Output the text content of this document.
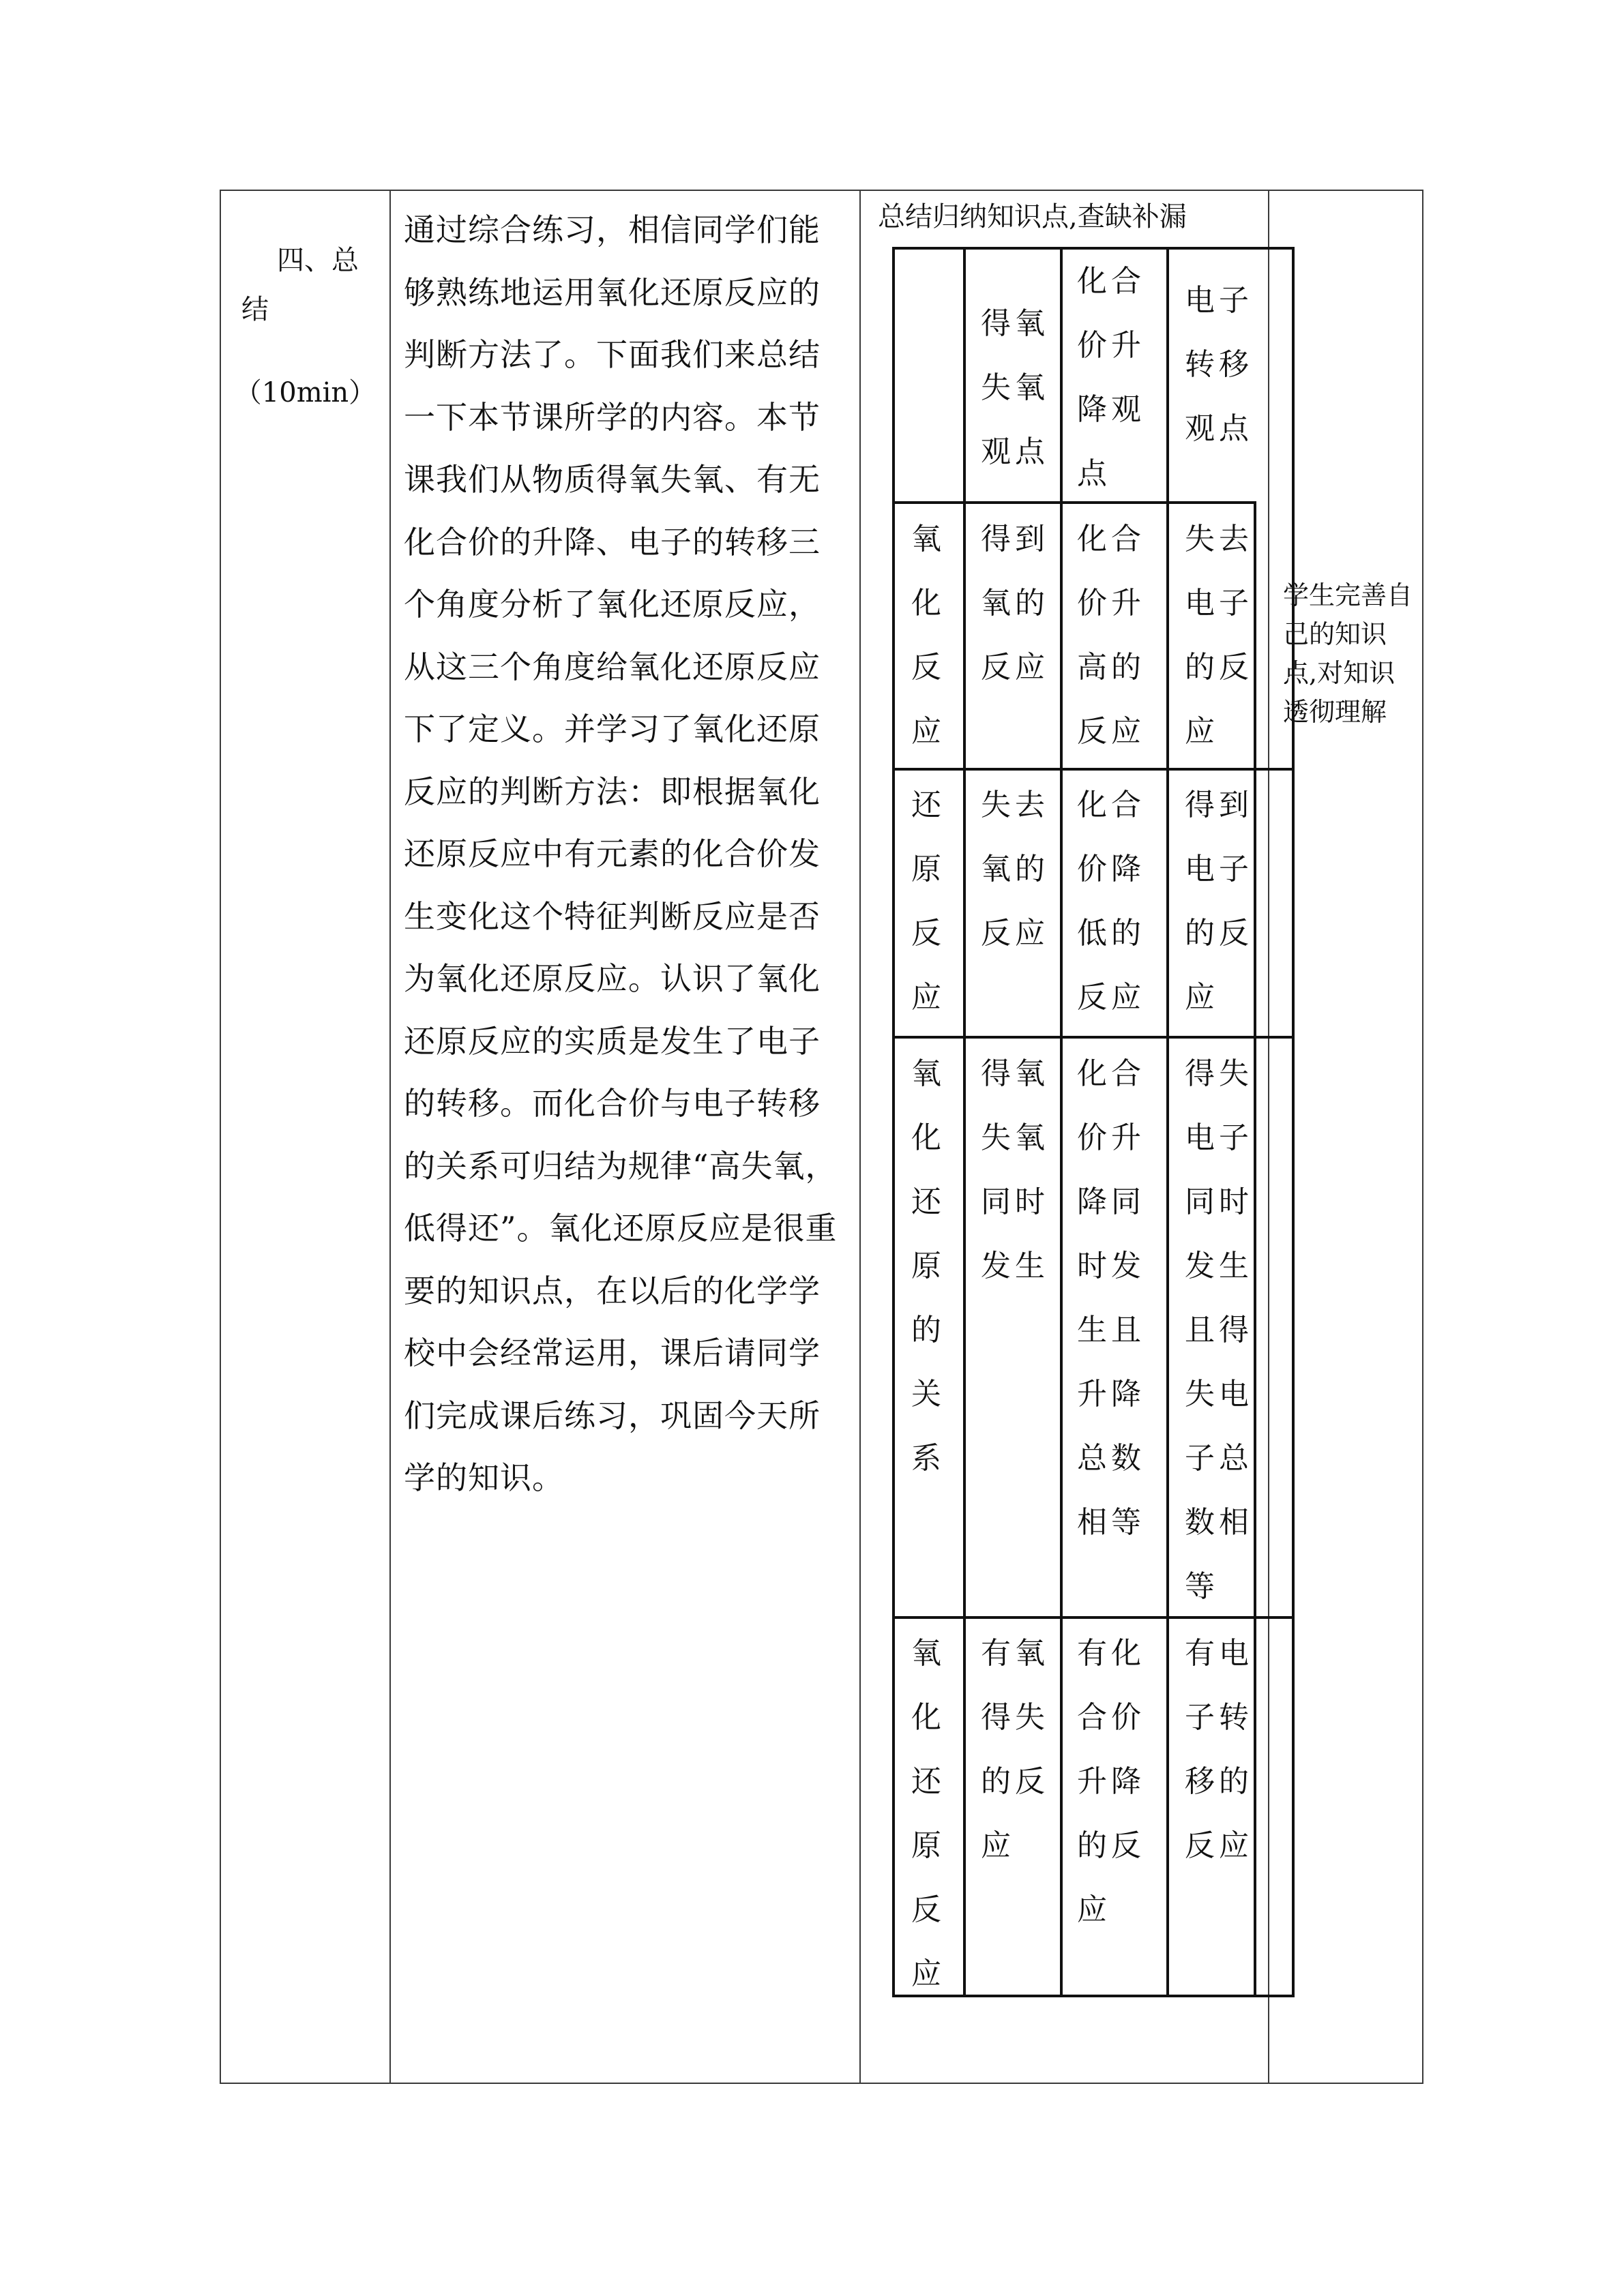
四、总结
（10min）
通过综合练习，相信同学们能够熟练地运用氧化还原反应的判断方法了。下面我们来总结一下本节课所学的内容。本节课我们从物质得氧失氧、有无化合价的升降、电子的转移三个角度分析了氧化还原反应，从这三个角度给氧化还原反应下了定义。并学习了氧化还原反应的判断方法：即根据氧化还原反应中有元素的化合价发生变化这个特征判断反应是否为氧化还原反应。认识了氧化还原反应的实质是发生了电子的转移。而化合价与电子转移的关系可归结为规律“高失氧，低得还”。氧化还原反应是很重要的知识点，在以后的化学学校中会经常运用，课后请同学们完成课后练习，巩固今天所学的知识。
总结归纳知识点,查缺补漏
得氧失氧观点
化合价升降观点
电子转移观点
氧化反应
得到氧的反应
化合价升高的反应
失去电子的反应
还原反应
失去氧的反应
化合价降低的反应
得到电子的反应
氧化还原的关系
得氧失氧同时发生
化合价升降同时发生且升降总数相等
得失电子同时发生且得失电子总数相等
氧化还原反应
有氧得失的反应
有化合价升降的反应
有电子转移的反应
学生完善自己的知识点,对知识透彻理解
